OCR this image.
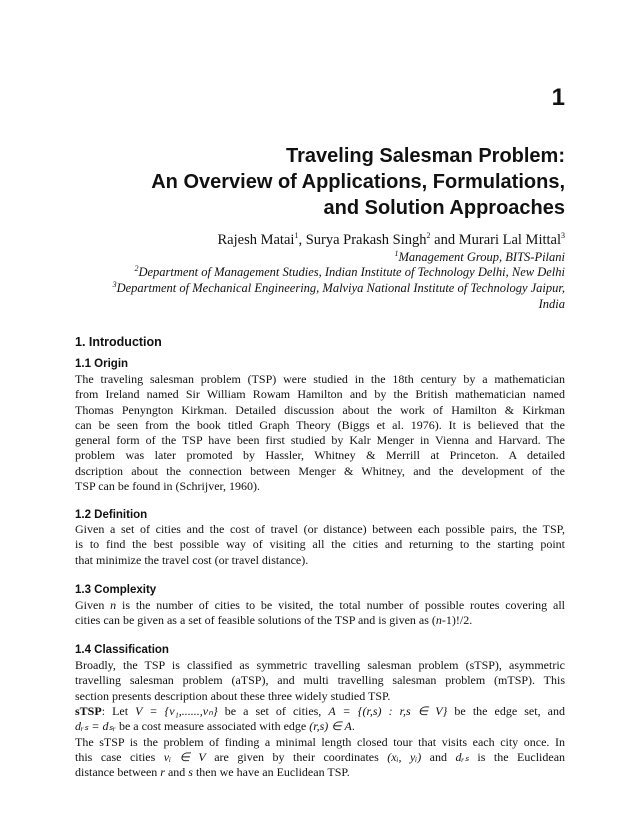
1
Traveling Salesman Problem:
An Overview of Applications, Formulations,
and Solution Approaches
Rajesh Matai$^1$, Surya Prakash Singh$^2$ and Murari Lal Mittal$^3$
$^1$Management Group, BITS-Pilani
$^2$Department of Management Studies, Indian Institute of Technology Delhi, New Delhi
$^3$Department of Mechanical Engineering, Malviya National Institute of Technology Jaipur,
India
1. Introduction
1.1 Origin
The traveling salesman problem (TSP) were studied in the 18th century by a mathematician
from Ireland named Sir William Rowam Hamilton and by the British mathematician named
Thomas Penyngton Kirkman. Detailed discussion about the work of Hamilton & Kirkman
can be seen from the book titled Graph Theory (Biggs et al. 1976). It is believed that the
general form of the TSP have been first studied by Kalr Menger in Vienna and Harvard. The
problem was later promoted by Hassler, Whitney & Merrill at Princeton. A detailed
dscription about the connection between Menger & Whitney, and the development of the
TSP can be found in (Schrijver, 1960).
1.2 Definition
Given a set of cities and the cost of travel (or distance) between each possible pairs, the TSP,
is to find the best possible way of visiting all the cities and returning to the starting point
that minimize the travel cost (or travel distance).
1.3 Complexity
Given n is the number of cities to be visited, the total number of possible routes covering all
cities can be given as a set of feasible solutions of the TSP and is given as (n-1)!/2.
1.4 Classification
Broadly, the TSP is classified as symmetric travelling salesman problem (sTSP), asymmetric
travelling salesman problem (aTSP), and multi travelling salesman problem (mTSP). This
section presents description about these three widely studied TSP.
sTSP: Let V = {v₁,......,vₙ} be a set of cities, A = {(r,s) : r,s ∈ V} be the edge set, and
dᵣₛ = dₛᵣ be a cost measure associated with edge (r,s) ∈ A.
The sTSP is the problem of finding a minimal length closed tour that visits each city once. In
this case cities vᵢ ∈ V are given by their coordinates (xᵢ, yᵢ) and dᵣₛ is the Euclidean
distance between r and s then we have an Euclidean TSP.
